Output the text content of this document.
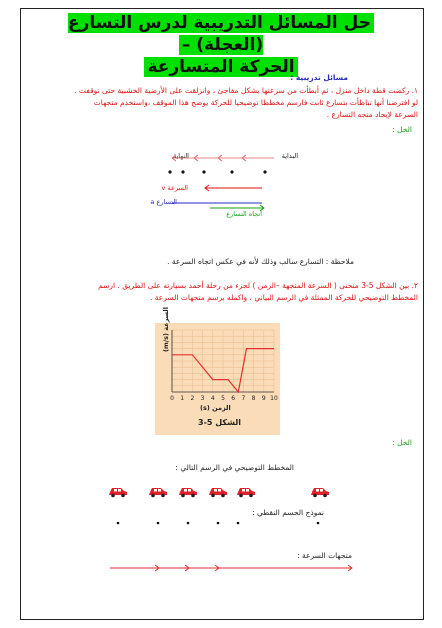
حل المسائل التدريبية لدرس التسارع (العجلة) –
الحركة المتسارعة
مسائل تدريبية :
١. ركضت قطة داخل منزل ، ثم أبطأت من سرعتها بشكل مفاجئ ، وانزلقت على الأرضية الخشبية حتى توقفت .
لو افترضنا أنها تباطأت بتسارع ثابت فارسم مخططا توضيحيا للحركة يوضح هذا الموقف ،واستخدم متجهات
السرعة لإيجاد متجه التسارع .
الحل :
النهاية	البداية
السرعة v
التسارع a
اتجاه التسارع
ملاحظة : التسارع سالب وذلك لأنه في عكس اتجاه السرعة .
٢. بين الشكل 5-3 منحنى ( السرعة المتجهة –الزمن ) لجزء من رحلة أحمد بسيارته على الطريق . ارسم
المخطط التوضيحي للحركة الممثلة في الرسم البياني ، واكمله برسم متجهات السرعة .
0 1 2 3 4 5 6 7 8 9 10
السرعة (m/s)
الزمن (s)
الشكل 5-3
الحل :
المخطط التوضيحي في الرسم التالي :
نموذج الجسم النقطي :
متجهات السرعة :
